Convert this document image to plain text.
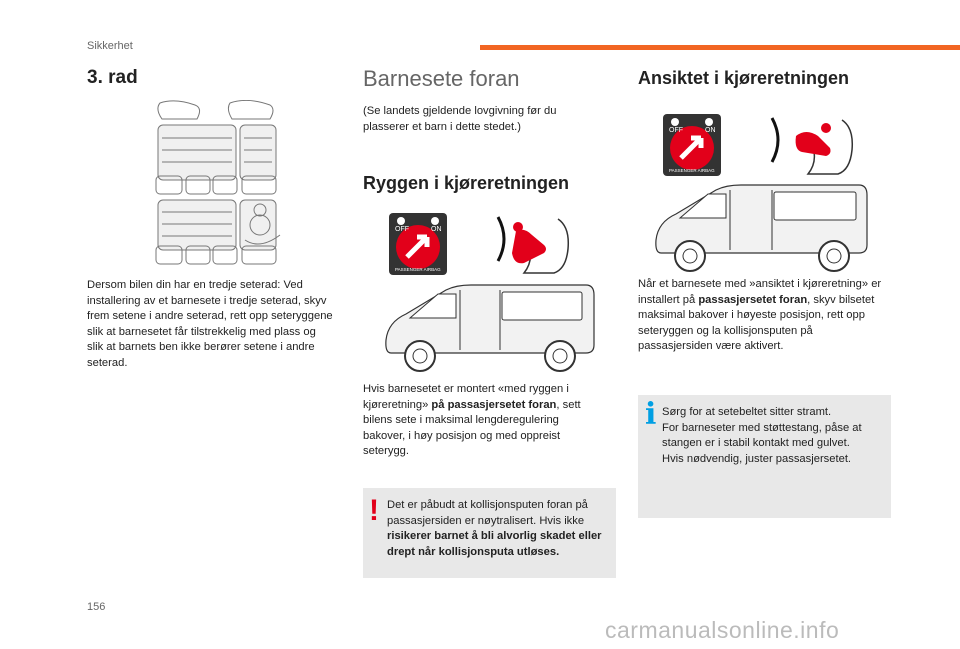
Sikkerhet
3. rad

Dersom bilen din har en tredje seterad: Ved installering av et barnesete i tredje seterad, skyv frem setene i andre seterad, rett opp seteryggene slik at barnesetet får tilstrekkelig med plass og slik at barnets ben ikke berører setene i andre seterad.

Barnesete foran

(Se landets gjeldende lovgivning før du plasserer et barn i dette stedet.)

Ryggen i kjøreretningen
OFF	ON
PASSENGER AIRBAG

Hvis barnesetet er montert «med ryggen i kjøreretning» på passasjersetet foran, sett bilens sete i maksimal lengderegulering bakover, i høy posisjon og med oppreist seterygg.

! Det er påbudt at kollisjonsputen foran på passasjersiden er nøytralisert. Hvis ikke risikerer barnet å bli alvorlig skadet eller drept når kollisjonsputa utløses.
Ansiktet i kjøreretningen
OFF	ON
PASSENGER AIRBAG

Når et barnesete med »ansiktet i kjøreretning» er installert på passasjersetet foran, skyv bilsetet maksimal bakover i høyeste posisjon, rett opp seteryggen og la kollisjonsputen på passasjersiden være aktivert.

i Sørg for at setebeltet sitter stramt.
For barneseter med støttestang, påse at stangen er i stabil kontakt med gulvet.
Hvis nødvendig, juster passasjersetet.
156
carmanualsonline.info
